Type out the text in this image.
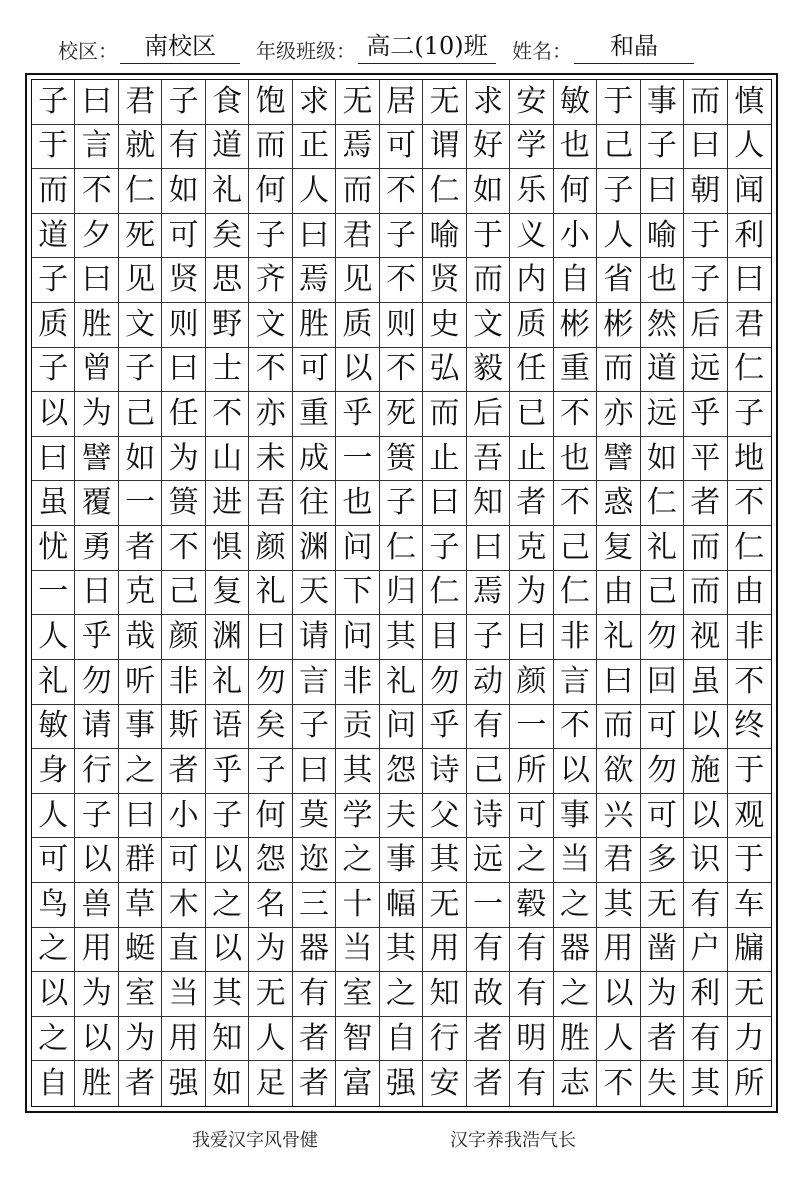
校区：	南校区	年级班级： 高二(10)班	姓名：	和晶
子 曰 君 子 食 饱 求 无 居 无 求 安 敏 于 事 而 慎
于 言 就 有 道 而 正 焉 可 谓 好 学 也 己 子 曰 人
而 不 仁 如 礼 何 人 而 不 仁 如 乐 何 子 曰 朝 闻
道 夕 死 可 矣 子 曰 君 子 喻 于 义 小 人 喻 于 利
子 曰 见 贤 思 齐 焉 见 不 贤 而 内 自 省 也 子 曰
质 胜 文 则 野 文 胜 质 则 史 文 质 彬 彬 然 后 君
子 曾 子 曰 士 不 可 以 不 弘 毅 任 重 而 道 远 仁
以 为 己 任 不 亦 重 乎 死 而 后 已 不 亦 远 乎 子
曰 譬 如 为 山 未 成 一 篑 止 吾 止 也 譬 如 平 地
虽 覆 一 篑 进 吾 往 也 子 曰 知 者 不 惑 仁 者 不
忧 勇 者 不 惧 颜 渊 问 仁 子 曰 克 己 复 礼 而 仁
一 日 克 己 复 礼 天 下 归 仁 焉 为 仁 由 己 而 由
人 乎 哉 颜 渊 曰 请 问 其 目 子 曰 非 礼 勿 视 非
礼 勿 听 非 礼 勿 言 非 礼 勿 动 颜 言 曰 回 虽 不
敏 请 事 斯 语 矣 子 贡 问 乎 有 一 不 而 可 以 终
身 行 之 者 乎 子 曰 其 怨 诗 己 所 以 欲 勿 施 于
人 子 曰 小 子 何 莫 学 夫 父 诗 可 事 兴 可 以 观
可 以 群 可 以 怨 迩 之 事 其 远 之 当 君 多 识 于
鸟 兽 草 木 之 名 三 十 幅 无 一 毂 之 其 无 有 车
之 用 蜓 直 以 为 器 当 其 用 有 有 器 用 凿 户 牖
以 为 室 当 其 无 有 室 之 知 故 有 之 以 为 利 无
之 以 为 用 知 人 者 智 自 行 者 明 胜 人 者 有 力
自 胜 者 强 如 足 者 富 强 安 者 有 志 不 失 其 所
我爱汉字风骨健	汉字养我浩气长
